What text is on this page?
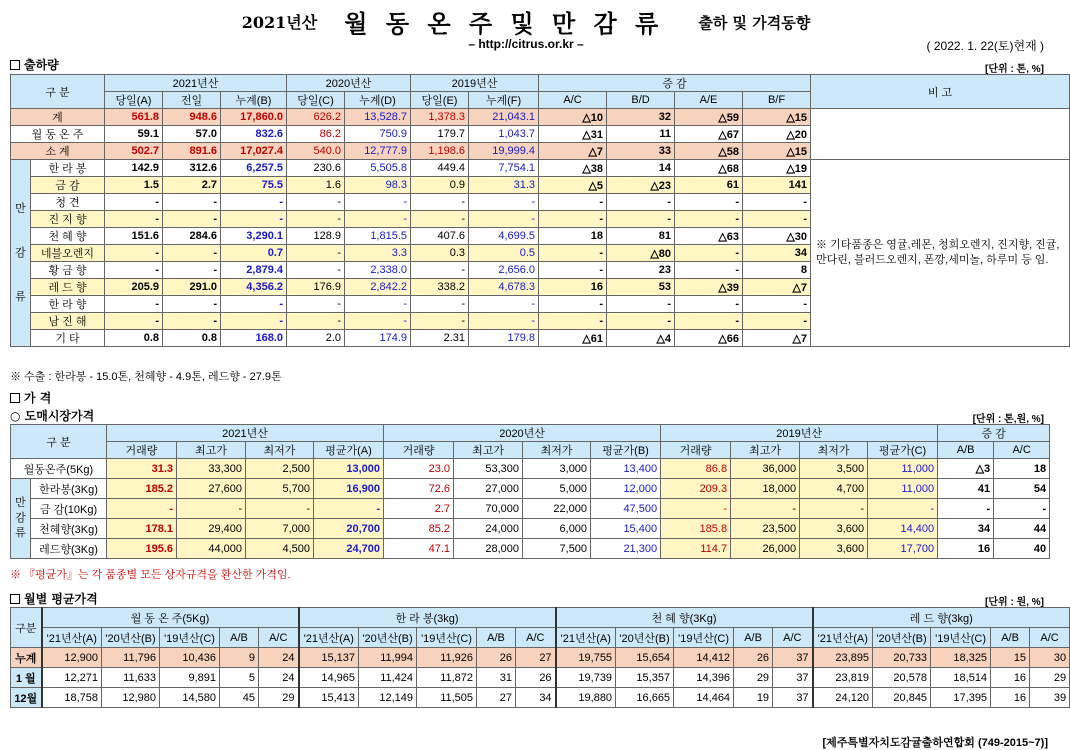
2021년산 월 동 온 주 및 만 감 류 출하 및 가격동향
– http://citrus.or.kr –	( 2022. 1. 22(토)현재 )
출하량	[단위 : 톤, %]
구 분		2021년산			2020년산		2019년산		증 감				비 고
		당일(A)	전일	누계(B)	당일(C)	누계(D)	당일(E)	누계(F)	A/C	B/D	A/E	B/F	
계		561.8	948.6	17,860.0	626.2	13,528.7	1,378.3	21,043.1	△10	32	△59	△15	
월 동 온 주		59.1	57.0	832.6	86.2	750.9	179.7	1,043.7	△31	11	△67	△20	
소 계		502.7	891.6	17,027.4	540.0	12,777.9	1,198.6	19,999.4	△7	33	△58	△15	

만
감
류	한 라 봉	142.9	312.6	6,257.5	230.6	5,505.8	449.4	7,754.1	△38	14	△68	△19	※ 기타품종은 영귤,레몬, 청희오렌지, 진지향, 진귤, 만다린, 블러드오렌지, 폰깡,세미놀, 하루미 등 임.
	금 감	1.5	2.7	75.5	1.6	98.3	0.9	31.3	△5	△23	61	141	
	청 견	-	-	-	-	-	-	-	-	-	-	-	
	진 지 향	-	-	-	-	-	-	-	-	-	-	-	
	천 혜 향	151.6	284.6	3,290.1	128.9	1,815.5	407.6	4,699.5	18	81	△63	△30	
	네블오렌지	-	-	0.7	-	3.3	0.3	0.5	-	△80	-	34	
	황 금 향	-	-	2,879.4	-	2,338.0	-	2,656.0	-	23	-	8	
	레 드 향	205.9	291.0	4,356.2	176.9	2,842.2	338.2	4,678.3	16	53	△39	△7	
	한 라 향	-	-	-	-	-	-	-	-	-	-	-	
	남 진 해	-	-	-	-	-	-	-	-	-	-	-	
	기 타	0.8	0.8	168.0	2.0	174.9	2.31	179.8	△61	△4	△66	△7	
※ 수출 : 한라봉 - 15.0톤, 천혜향 - 4.9톤, 레드향 - 27.9톤
가 격
○ 도매시장가격	[단위 : 톤,원, %]
구 분		2021년산				2020년산				2019년산				증 감	
		거래량	최고가	최저가	평균가(A)	거래량	최고가	최저가	평균가(B)	거래량	최고가	최저가	평균가(C)	A/B	A/C
월동온주(5Kg)		31.3	33,300	2,500	13,000	23.0	53,300	3,000	13,400	86.8	36,000	3,500	11,000	△3	18

만
감
류	한라봉(3Kg)	185.2	27,600	5,700	16,900	72.6	27,000	5,000	12,000	209.3	18,000	4,700	11,000	41	54
	금 감(10Kg)	-	-	-	-	2.7	70,000	22,000	47,500	-	-	-	-	-	-
	천혜향(3Kg)	178.1	29,400	7,000	20,700	85.2	24,000	6,000	15,400	185.8	23,500	3,600	14,400	34	44
	레드향(3Kg)	195.6	44,000	4,500	24,700	47.1	28,000	7,500	21,300	114.7	26,000	3,600	17,700	16	40
※ 『평균가』는 각 품종별 모든 상자규격을 환산한 가격임.
월별 평균가격	[단위 : 원, %]
구분	월 동 온 주(5Kg)					한 라 봉(3kg)					천 혜 향(3Kg)					레 드 향(3kg)				
	'21년산(A)	'20년산(B)	'19년산(C)	A/B	A/C	'21년산(A)	'20년산(B)	'19년산(C)	A/B	A/C	'21년산(A)	'20년산(B)	'19년산(C)	A/B	A/C	'21년산(A)	'20년산(B)	'19년산(C)	A/B	A/C
누계	12,900	11,796	10,436	9	24	15,137	11,994	11,926	26	27	19,755	15,654	14,412	26	37	23,895	20,733	18,325	15	30
1 월	12,271	11,633	9,891	5	24	14,965	11,424	11,872	31	26	19,739	15,357	14,396	29	37	23,819	20,578	18,514	16	29
12월	18,758	12,980	14,580	45	29	15,413	12,149	11,505	27	34	19,880	16,665	14,464	19	37	24,120	20,845	17,395	16	39
[제주특별자치도감귤출하연합회 (749-2015~7)]
